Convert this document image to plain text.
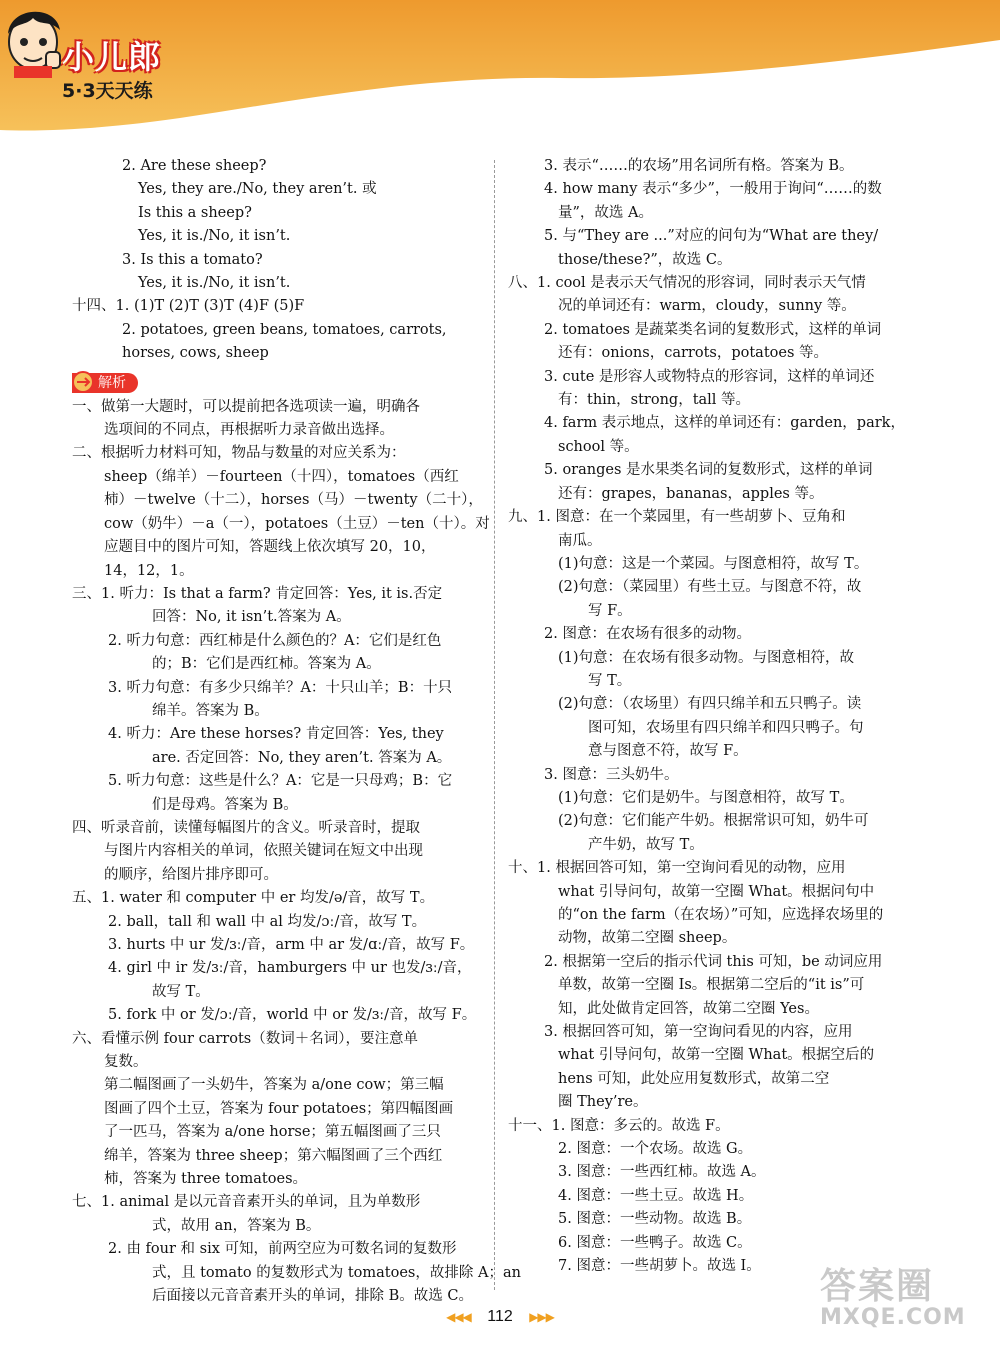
小儿郎
5·3天天练
2. Are these sheep?
Yes, they are./No, they aren’t. 或
Is this a sheep?
Yes, it is./No, it isn’t.
3. Is this a tomato?
Yes, it is./No, it isn’t.
十四、1. (1)T (2)T (3)T (4)F (5)F
2. potatoes, green beans, tomatoes, carrots,
horses, cows, sheep
解析
一、做第一大题时，可以提前把各选项读一遍，明确各
选项间的不同点，再根据听力录音做出选择。
二、根据听力材料可知，物品与数量的对应关系为：
sheep（绵羊）－fourteen（十四），tomatoes（西红
柿）－twelve（十二），horses（马）－twenty（二十），
cow（奶牛）－a（一），potatoes（土豆）－ten（十）。对
应题目中的图片可知，答题线上依次填写 20，10，
14，12，1。
三、1. 听力：Is that a farm? 肯定回答：Yes, it is.否定
回答：No, it isn’t.答案为 A。
2. 听力句意：西红柿是什么颜色的？A：它们是红色
的；B：它们是西红柿。答案为 A。
3. 听力句意：有多少只绵羊？A：十只山羊；B：十只
绵羊。答案为 B。
4. 听力：Are these horses? 肯定回答：Yes, they
are. 否定回答：No, they aren’t. 答案为 A。
5. 听力句意：这些是什么？A：它是一只母鸡；B：它
们是母鸡。答案为 B。
四、听录音前，读懂每幅图片的含义。听录音时，提取
与图片内容相关的单词，依照关键词在短文中出现
的顺序，给图片排序即可。
五、1. water 和 computer 中 er 均发/ə/音，故写 T。
2. ball，tall 和 wall 中 al 均发/ɔː/音，故写 T。
3. hurts 中 ur 发/ɜː/音，arm 中 ar 发/ɑː/音，故写 F。
4. girl 中 ir 发/ɜː/音，hamburgers 中 ur 也发/ɜː/音，
故写 T。
5. fork 中 or 发/ɔː/音，world 中 or 发/ɜː/音，故写 F。
六、看懂示例 four carrots（数词＋名词），要注意单
复数。
第二幅图画了一头奶牛，答案为 a/one cow；第三幅
图画了四个土豆，答案为 four potatoes；第四幅图画
了一匹马，答案为 a/one horse；第五幅图画了三只
绵羊，答案为 three sheep；第六幅图画了三个西红
柿，答案为 three tomatoes。
七、1. animal 是以元音音素开头的单词，且为单数形
式，故用 an，答案为 B。
2. 由 four 和 six 可知，前两空应为可数名词的复数形
式，且 tomato 的复数形式为 tomatoes，故排除 A；an
后面接以元音音素开头的单词，排除 B。故选 C。
3. 表示“……的农场”用名词所有格。答案为 B。
4. how many 表示“多少”，一般用于询问“……的数
量”，故选 A。
5. 与“They are ...”对应的问句为“What are they/
those/these?”，故选 C。
八、1. cool 是表示天气情况的形容词，同时表示天气情
况的单词还有：warm，cloudy，sunny 等。
2. tomatoes 是蔬菜类名词的复数形式，这样的单词
还有：onions，carrots，potatoes 等。
3. cute 是形容人或物特点的形容词，这样的单词还
有：thin，strong，tall 等。
4. farm 表示地点，这样的单词还有：garden，park，
school 等。
5. oranges 是水果类名词的复数形式，这样的单词
还有：grapes，bananas，apples 等。
九、1. 图意：在一个菜园里，有一些胡萝卜、豆角和
南瓜。
(1)句意：这是一个菜园。与图意相符，故写 T。
(2)句意：（菜园里）有些土豆。与图意不符，故
写 F。
2. 图意：在农场有很多的动物。
(1)句意：在农场有很多动物。与图意相符，故
写 T。
(2)句意：（农场里）有四只绵羊和五只鸭子。读
图可知，农场里有四只绵羊和四只鸭子。句
意与图意不符，故写 F。
3. 图意：三头奶牛。
(1)句意：它们是奶牛。与图意相符，故写 T。
(2)句意：它们能产牛奶。根据常识可知，奶牛可
产牛奶，故写 T。
十、1. 根据回答可知，第一空询问看见的动物，应用
what 引导问句，故第一空圈 What。根据问句中
的“on the farm（在农场）”可知，应选择农场里的
动物，故第二空圈 sheep。
2. 根据第一空后的指示代词 this 可知，be 动词应用
单数，故第一空圈 Is。根据第二空后的“it is”可
知，此处做肯定回答，故第二空圈 Yes。
3. 根据回答可知，第一空询问看见的内容，应用
what 引导问句，故第一空圈 What。根据空后的
hens 可知，此处应用复数形式，故第二空
圈 They’re。
十一、1. 图意：多云的。故选 F。
2. 图意：一个农场。故选 G。
3. 图意：一些西红柿。故选 A。
4. 图意：一些土豆。故选 H。
5. 图意：一些动物。故选 B。
6. 图意：一些鸭子。故选 C。
7. 图意：一些胡萝卜。故选 I。
◀◀◀ 112 ▶▶▶
答案圈
MXQE.COM
